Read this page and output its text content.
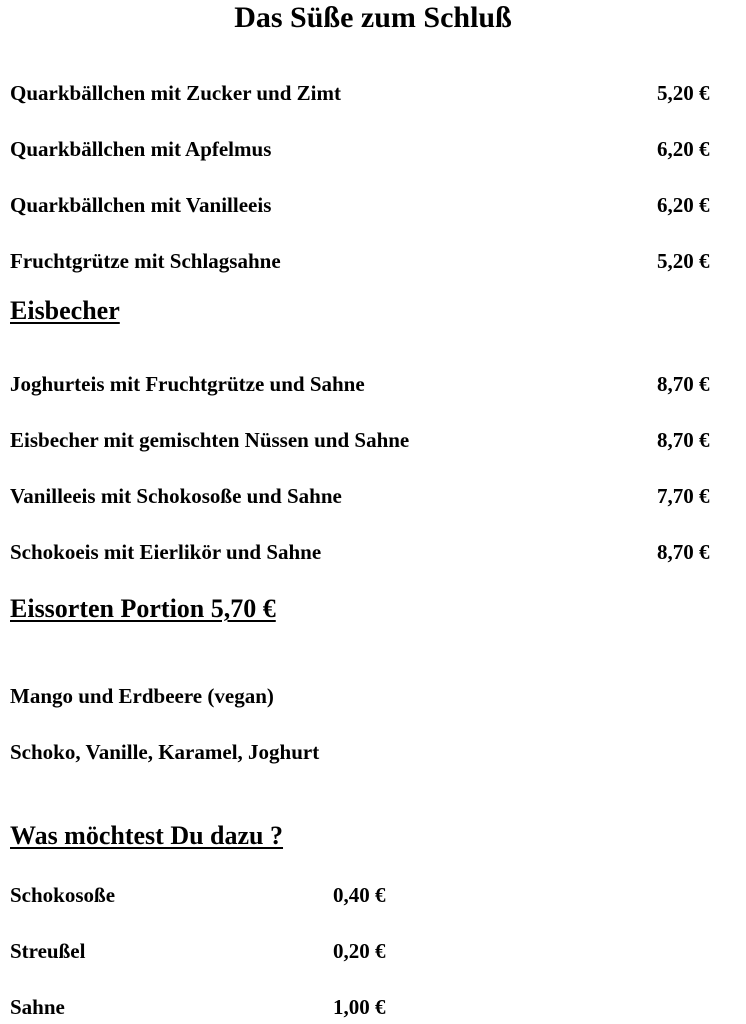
Das Süße zum Schluß
Quarkbällchen mit Zucker und Zimt	5,20 €
Quarkbällchen mit Apfelmus	6,20 €
Quarkbällchen mit Vanilleeis	6,20 €
Fruchtgrütze mit Schlagsahne	5,20 €
Eisbecher
Joghurteis mit Fruchtgrütze und Sahne	8,70 €
Eisbecher mit gemischten Nüssen und Sahne	8,70 €
Vanilleeis mit Schokosoße und Sahne	7,70 €
Schokoeis mit Eierlikör und Sahne	8,70 €
Eissorten Portion 5,70 €
Mango und Erdbeere (vegan)
Schoko, Vanille, Karamel, Joghurt
Was möchtest Du dazu ?
Schokosoße	0,40 €
Streußel	0,20 €
Sahne	1,00 €
